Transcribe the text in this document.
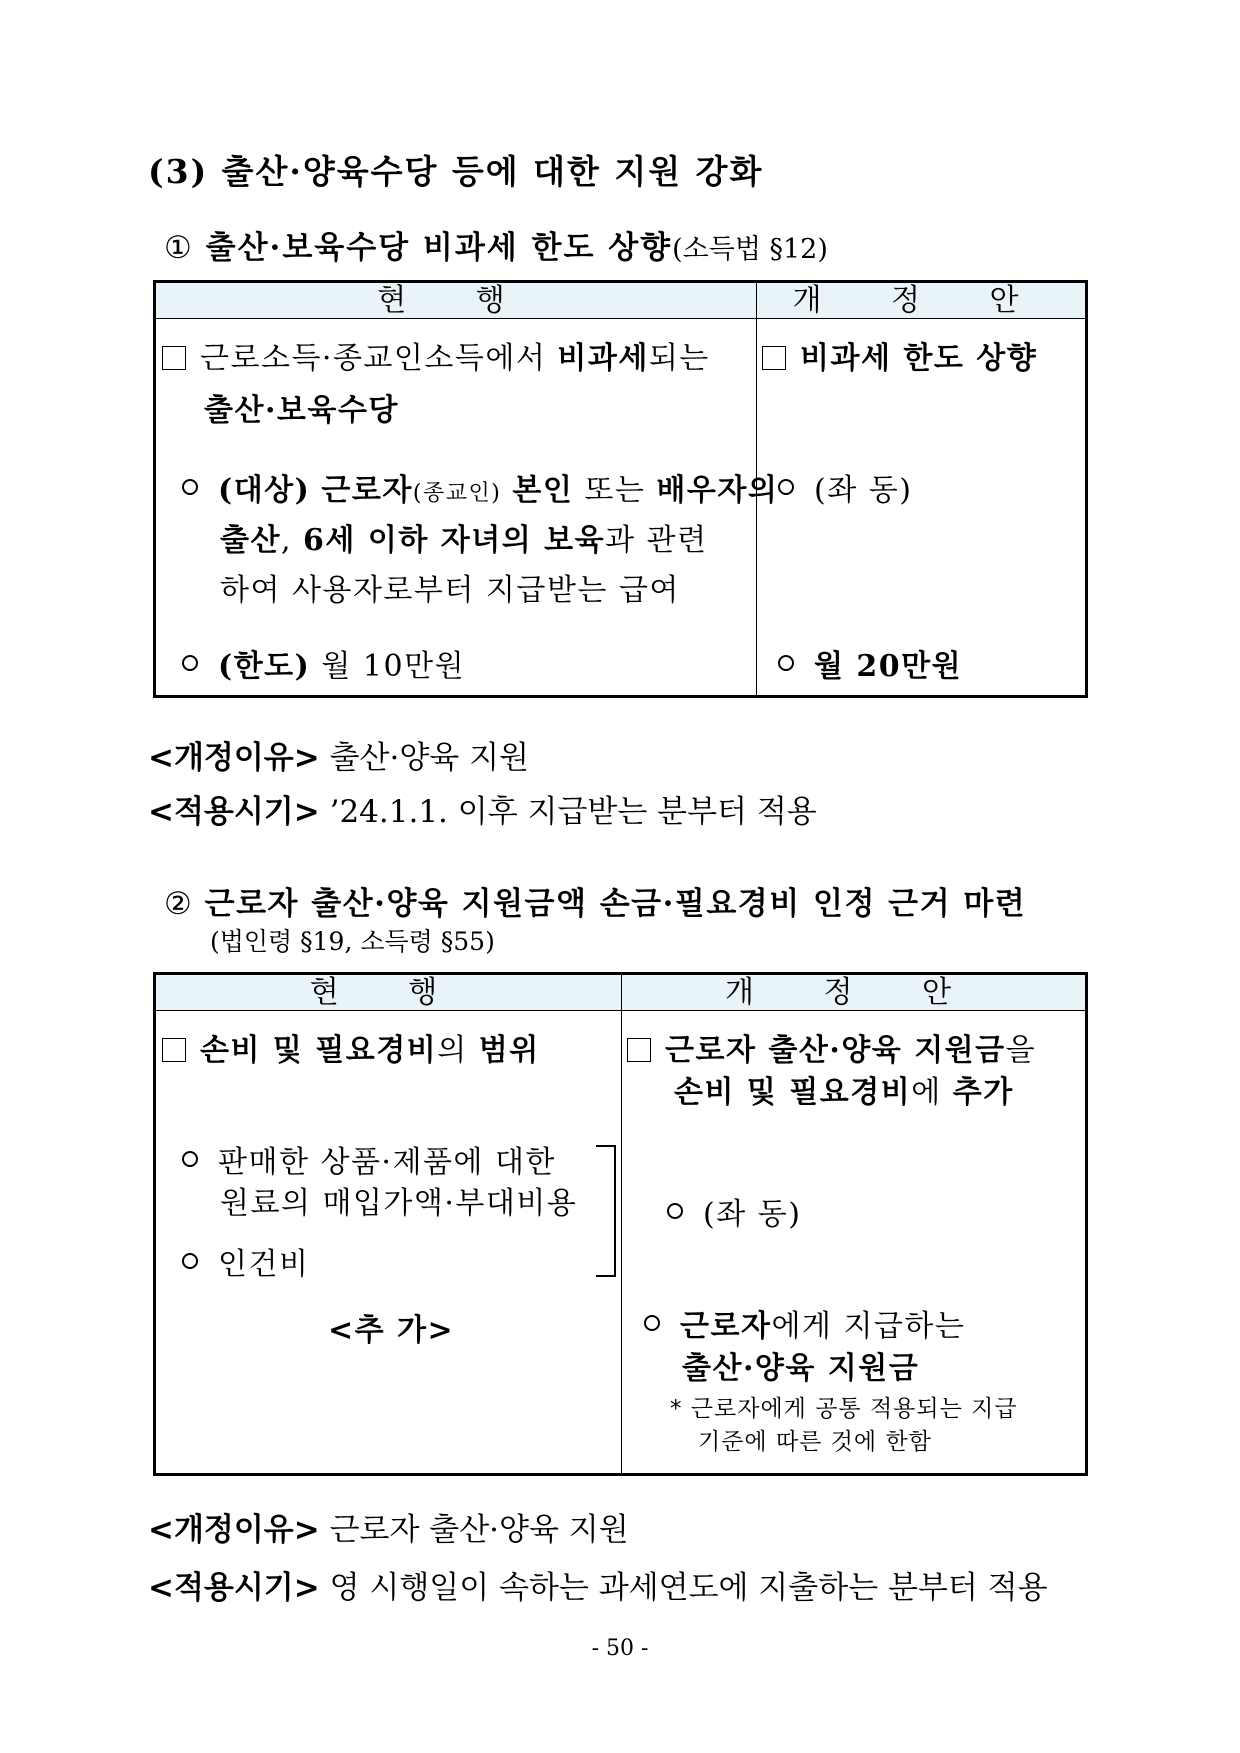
(3) 출산·양육수당 등에 대한 지원 강화
① 출산·보육수당 비과세 한도 상향(소득법 §12)
현 행	개 정 안
근로소득·종교인소득에서 비과세되는
출산·보육수당
(대상) 근로자(종교인) 본인 또는 배우자의
출산, 6세 이하 자녀의 보육과 관련
하여 사용자로부터 지급받는 급여
(한도) 월 10만원
비과세 한도 상향
(좌 동)
월 20만원
<개정이유> 출산·양육 지원
<적용시기> ’24.1.1. 이후 지급받는 분부터 적용
② 근로자 출산·양육 지원금액 손금·필요경비 인정 근거 마련
(법인령 §19, 소득령 §55)
현 행	개 정 안
손비 및 필요경비의 범위
판매한 상품·제품에 대한
원료의 매입가액·부대비용
인건비
<추 가>
근로자 출산·양육 지원금을
손비 및 필요경비에 추가
(좌 동)
근로자에게 지급하는
출산·양육 지원금
* 근로자에게 공통 적용되는 지급
기준에 따른 것에 한함
<개정이유> 근로자 출산·양육 지원
<적용시기> 영 시행일이 속하는 과세연도에 지출하는 분부터 적용
- 50 -
